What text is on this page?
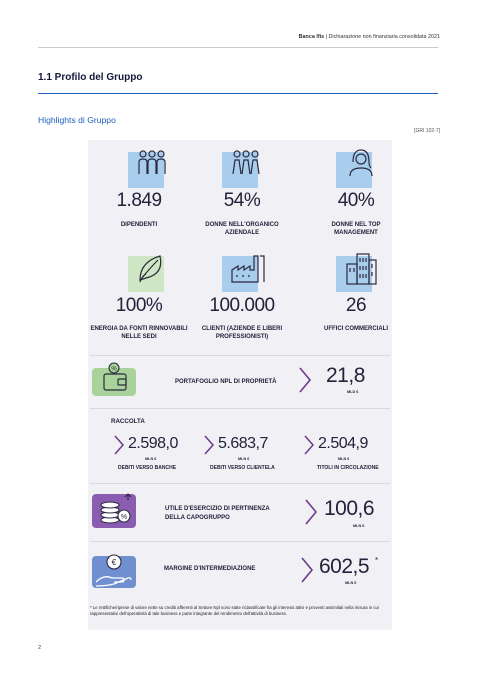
Banca Ifis | Dichiarazione non finanziaria consolidata 2021
1.1 Profilo del Gruppo
Highlights di Gruppo
[GRI 102-7]
1.849	54%	40%
DIPENDENTI	DONNE NELL'ORGANICO AZIENDALE
DONNE NEL TOP MANAGEMENT
100%	100.000	26
ENERGIA DA FONTI RINNOVABILI NELLE SEDI
CLIENTI (AZIENDE E LIBERI PROFESSIONISTI)
UFFICI COMMERCIALI
%
PORTAFOGLIO NPL DI PROPRIETÀ 21,8
MLD €
RACCOLTA
2.598,0
MLN €
DEBITI VERSO BANCHE
5.683,7
MLN €
DEBITI VERSO CLIENTELA
2.504,9
MLN €
TITOLI IN CIRCOLAZIONE
%
UTILE D'ESERCIZIO DI PERTINENZA
DELLA CAPOGRUPPO	100,6
MLN €
€
MARGINE D'INTERMEDIAZIONE	602,5 *
MLN €
* Le rettifiche/riprese di valore nette su crediti afferenti al Settore Npl sono state riclassificate fra gli interessi attivi e proventi assimilati nella misura in cui rappresentativi dell'operatività di tale business e parte integrante del rendimento dell'attività di business.
2
